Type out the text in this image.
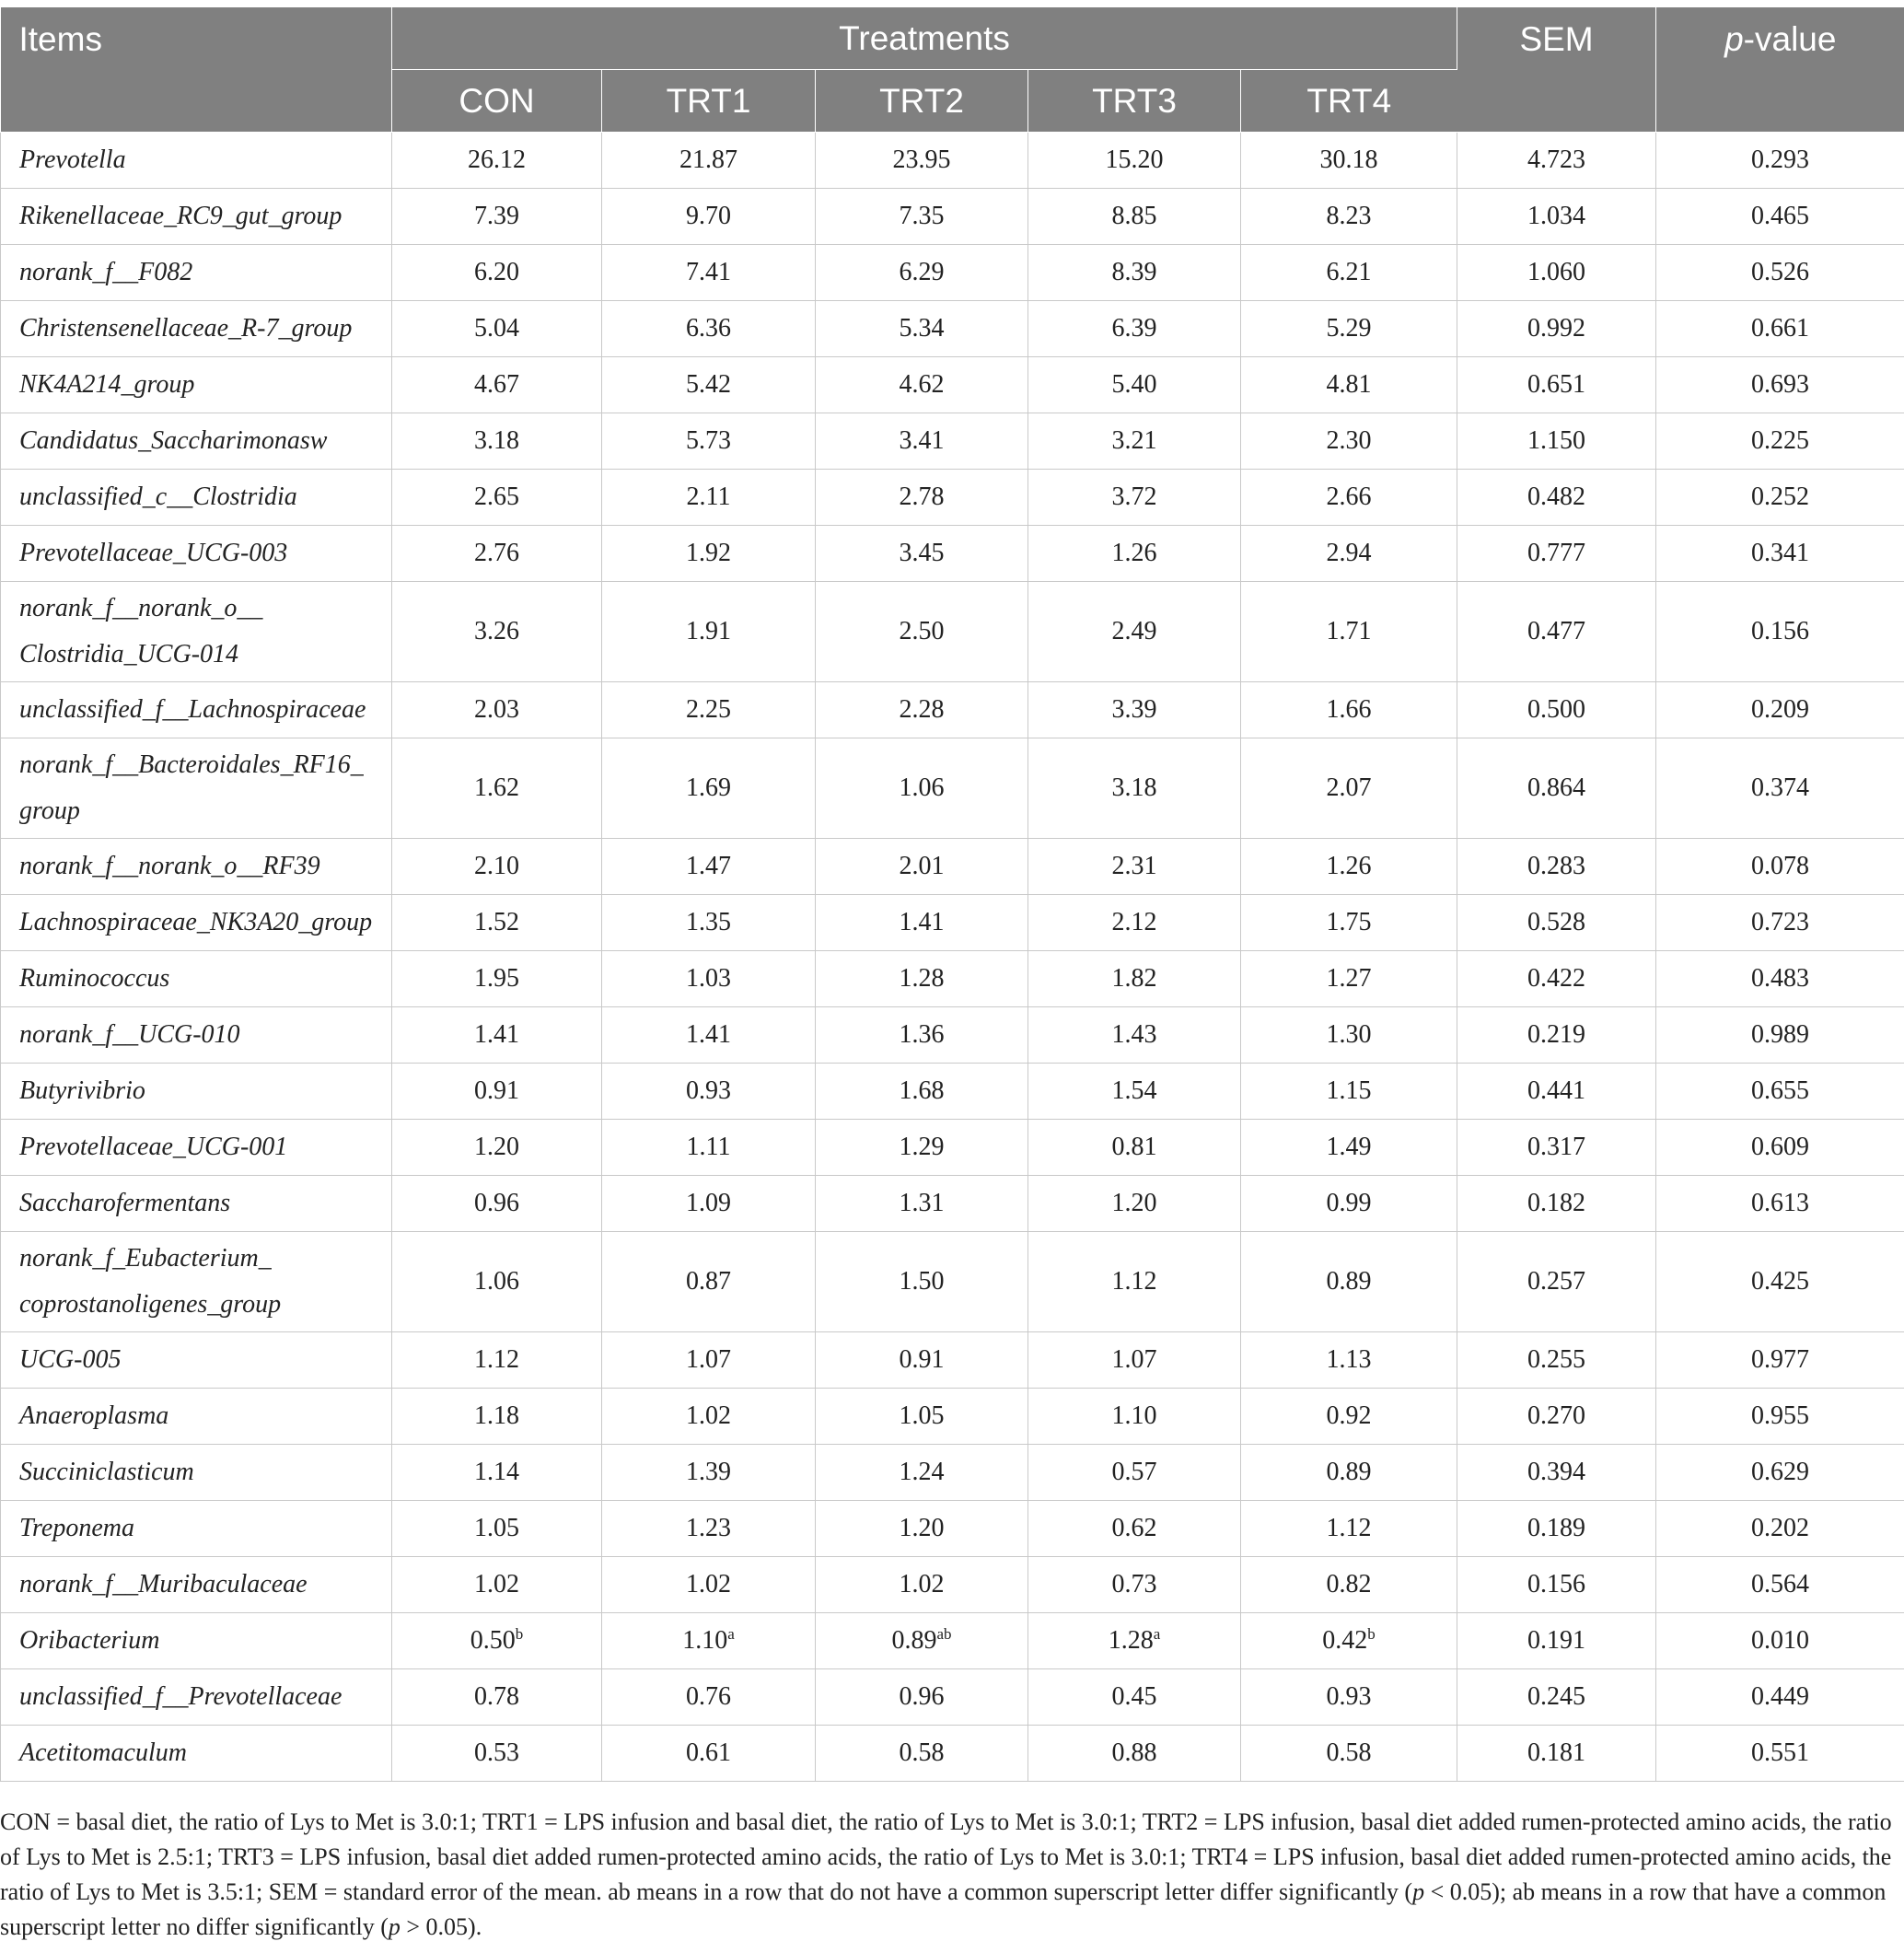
Items	Treatments					SEM	p-value
	CON	TRT1	TRT2	TRT3	TRT4		
Prevotella	26.12	21.87	23.95	15.20	30.18	4.723	0.293
Rikenellaceae_RC9_gut_group	7.39	9.70	7.35	8.85	8.23	1.034	0.465
norank_f__F082	6.20	7.41	6.29	8.39	6.21	1.060	0.526
Christensenellaceae_R-7_group	5.04	6.36	5.34	6.39	5.29	0.992	0.661
NK4A214_group	4.67	5.42	4.62	5.40	4.81	0.651	0.693
Candidatus_Saccharimonasw	3.18	5.73	3.41	3.21	2.30	1.150	0.225
unclassified_c__Clostridia	2.65	2.11	2.78	3.72	2.66	0.482	0.252
Prevotellaceae_UCG-003	2.76	1.92	3.45	1.26	2.94	0.777	0.341
norank_f__norank_o__
Clostridia_UCG-014	3.26	1.91	2.50	2.49	1.71	0.477	0.156
unclassified_f__Lachnospiraceae	2.03	2.25	2.28	3.39	1.66	0.500	0.209
norank_f__Bacteroidales_RF16_
group	1.62	1.69	1.06	3.18	2.07	0.864	0.374
norank_f__norank_o__RF39	2.10	1.47	2.01	2.31	1.26	0.283	0.078
Lachnospiraceae_NK3A20_group	1.52	1.35	1.41	2.12	1.75	0.528	0.723
Ruminococcus	1.95	1.03	1.28	1.82	1.27	0.422	0.483
norank_f__UCG-010	1.41	1.41	1.36	1.43	1.30	0.219	0.989
Butyrivibrio	0.91	0.93	1.68	1.54	1.15	0.441	0.655
Prevotellaceae_UCG-001	1.20	1.11	1.29	0.81	1.49	0.317	0.609
Saccharofermentans	0.96	1.09	1.31	1.20	0.99	0.182	0.613
norank_f_Eubacterium_
coprostanoligenes_group	1.06	0.87	1.50	1.12	0.89	0.257	0.425
UCG-005	1.12	1.07	0.91	1.07	1.13	0.255	0.977
Anaeroplasma	1.18	1.02	1.05	1.10	0.92	0.270	0.955
Succiniclasticum	1.14	1.39	1.24	0.57	0.89	0.394	0.629
Treponema	1.05	1.23	1.20	0.62	1.12	0.189	0.202
norank_f__Muribaculaceae	1.02	1.02	1.02	0.73	0.82	0.156	0.564
Oribacterium	0.50$^b$	1.10$^a$	0.89$^{ab}$	1.28$^a$	0.42$^b$	0.191	0.010
unclassified_f__Prevotellaceae	0.78	0.76	0.96	0.45	0.93	0.245	0.449
Acetitomaculum	0.53	0.61	0.58	0.88	0.58	0.181	0.551
CON = basal diet, the ratio of Lys to Met is 3.0:1; TRT1 = LPS infusion and basal diet, the ratio of Lys to Met is 3.0:1; TRT2 = LPS infusion, basal diet added rumen-protected amino acids, the ratio of Lys to Met is 2.5:1; TRT3 = LPS infusion, basal diet added rumen-protected amino acids, the ratio of Lys to Met is 3.0:1; TRT4 = LPS infusion, basal diet added rumen-protected amino acids, the ratio of Lys to Met is 3.5:1; SEM = standard error of the mean. ab means in a row that do not have a common superscript letter differ significantly (p < 0.05); ab means in a row that have a common superscript letter no differ significantly (p > 0.05).
